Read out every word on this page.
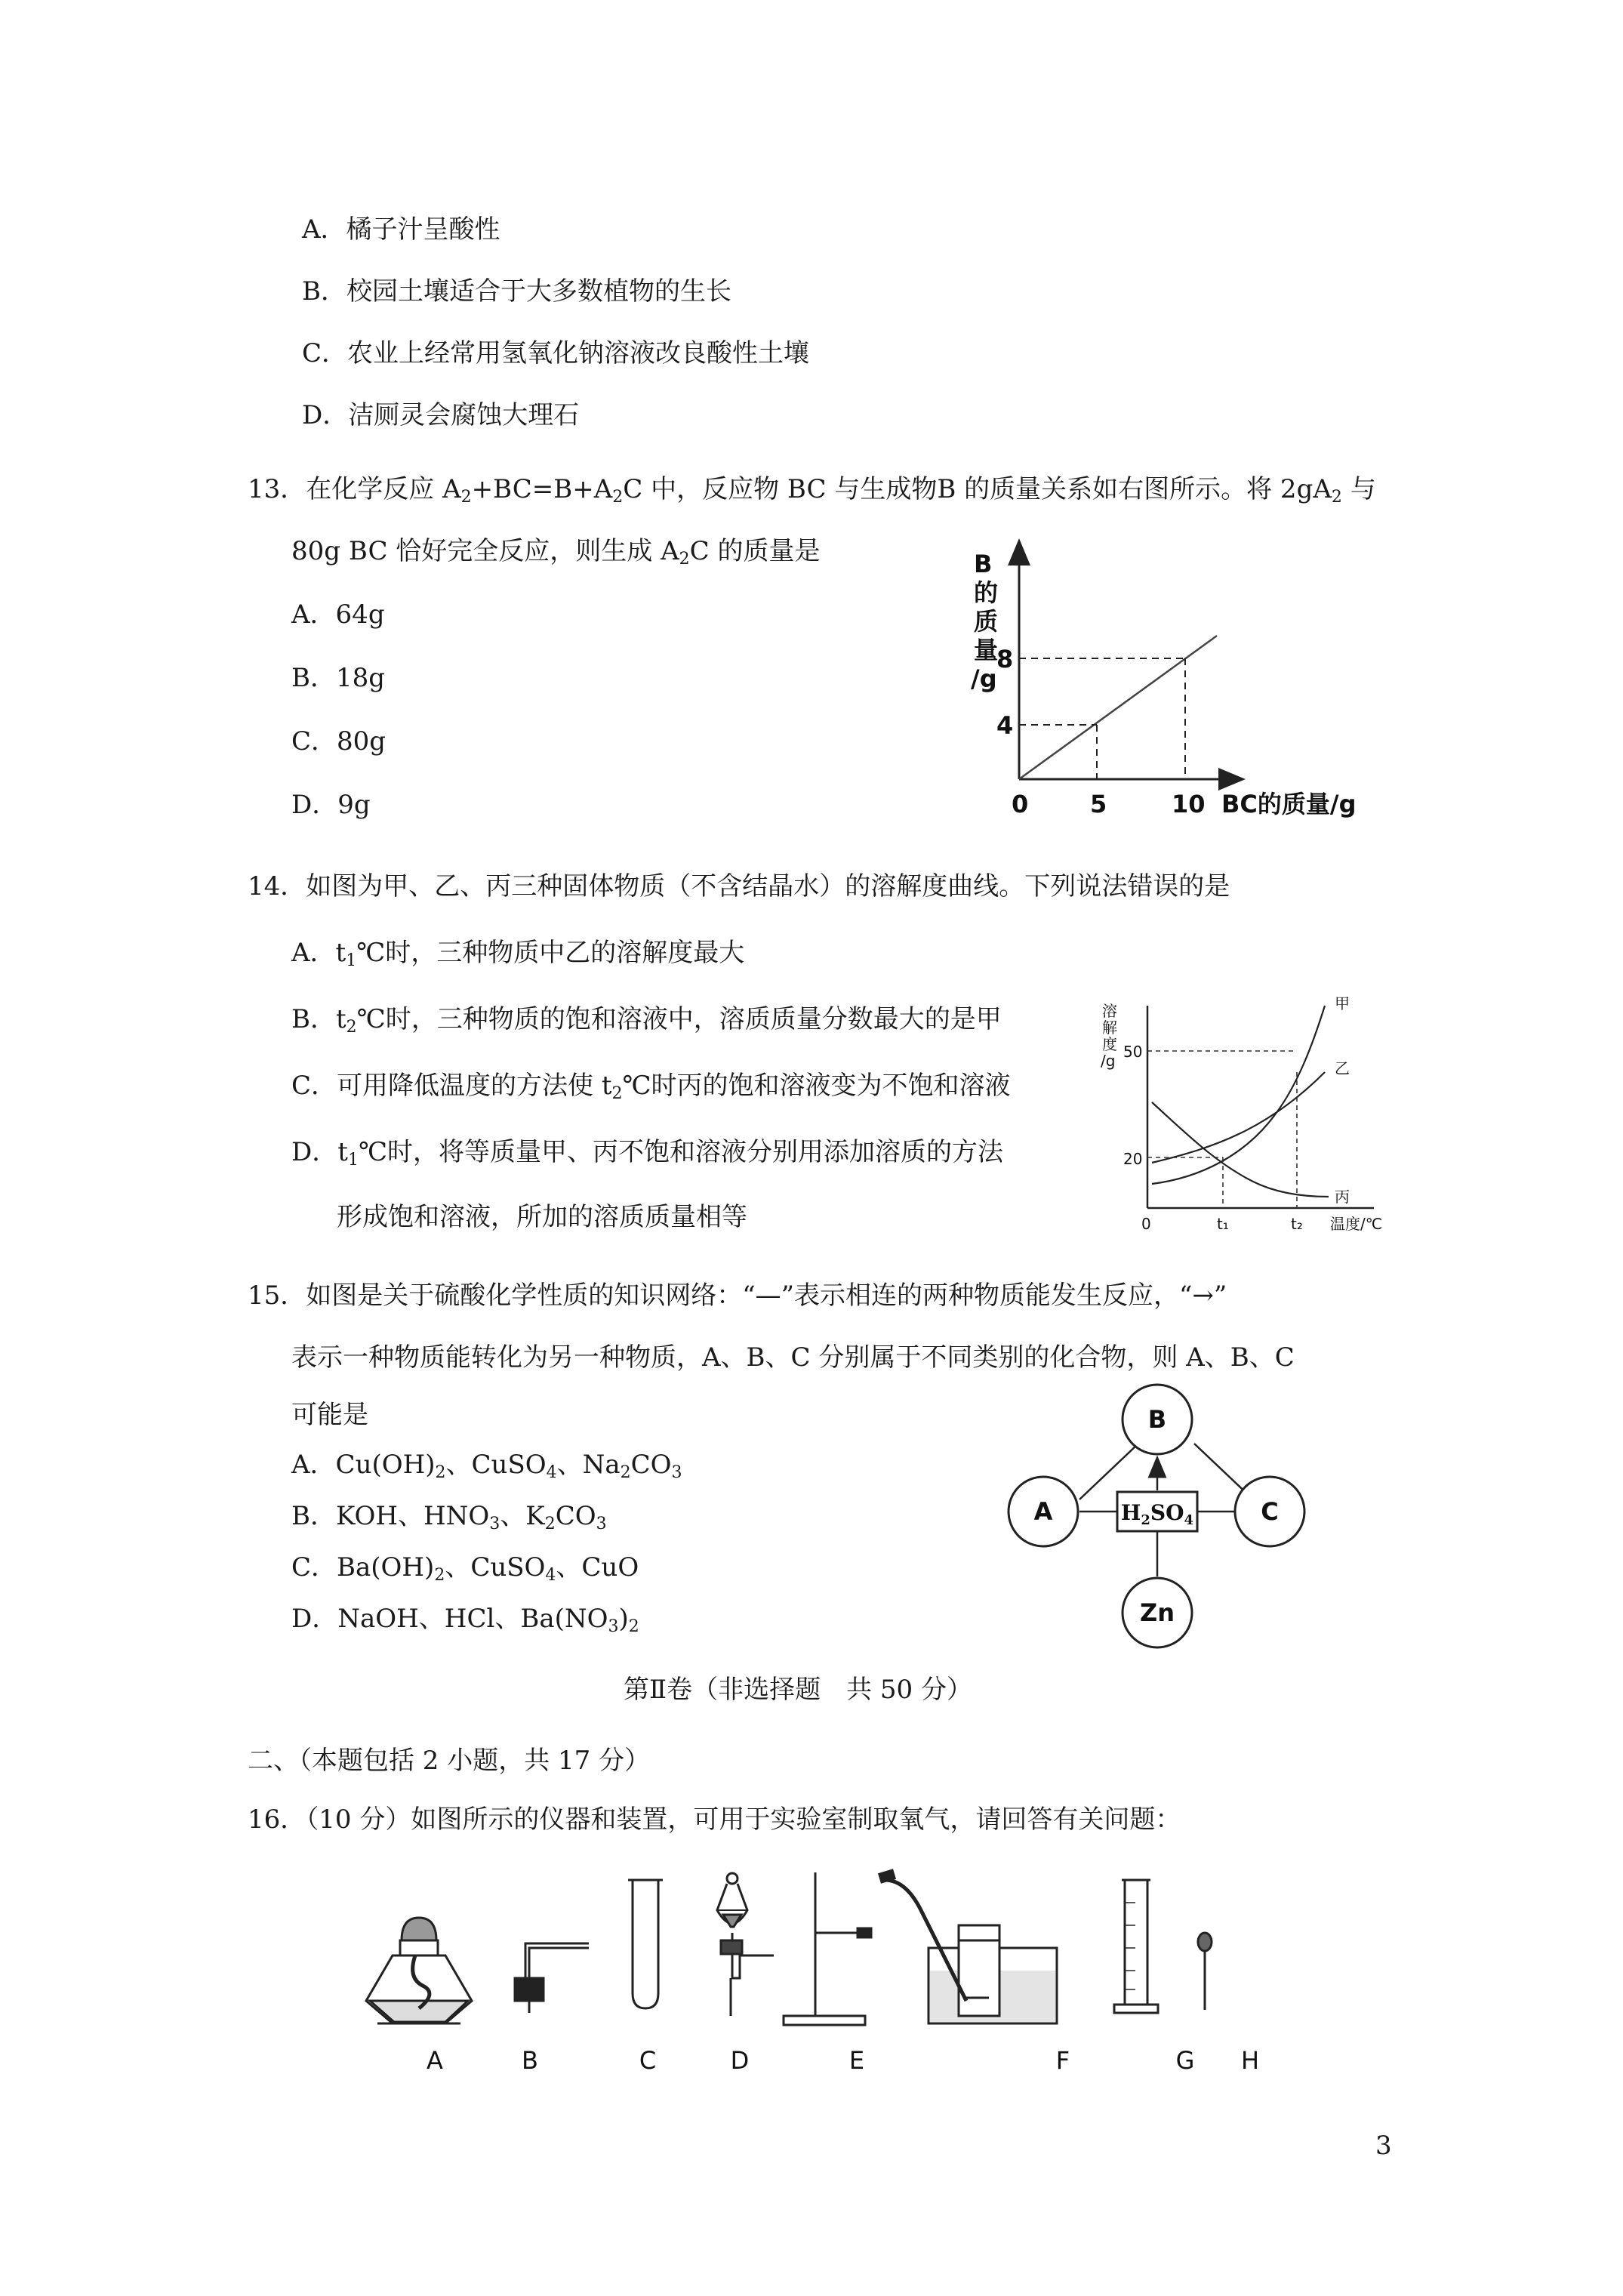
A．橘子汁呈酸性
B．校园土壤适合于大多数植物的生长
C．农业上经常用氢氧化钠溶液改良酸性土壤
D．洁厕灵会腐蚀大理石
13．在化学反应 $A_2+BC=B+A_2C$ 中，反应物 BC 与生成物B 的质量关系如右图所示。将 $2gA_2$ 与
80g BC 恰好完全反应，则生成 $A_2C$ 的质量是
A．64g
B．18g
C．80g
D．9g
B
的
质
量
/g
8
4
0	5	10 BC的质量/g
14．如图为甲、乙、丙三种固体物质（不含结晶水）的溶解度曲线。下列说法错误的是
A．$t_1℃$时，三种物质中乙的溶解度最大
B．$t_2℃$时，三种物质的饱和溶液中，溶质质量分数最大的是甲
C．可用降低温度的方法使 $t_2℃$时丙的饱和溶液变为不饱和溶液
D．$t_1℃$时，将等质量甲、丙不饱和溶液分别用添加溶质的方法
形成饱和溶液，所加的溶质质量相等
溶
解
度
/g 50
20
0	t₁	t₂ 温度/℃
甲
乙
丙
15．如图是关于硫酸化学性质的知识网络：“—”表示相连的两种物质能发生反应，“→”
表示一种物质能转化为另一种物质，A、B、C 分别属于不同类别的化合物，则 A、B、C
可能是
A．$Cu(OH)_2$、CuSO$_4$、$Na_2CO_3$
B．KOH、$HNO_3$、$K_2CO_3$
C．$Ba(OH)_2$、CuSO$_4$、CuO
D．NaOH、HCl、$Ba(NO_3)_2$
B
A	C
Zn
$H_2SO_4$
第Ⅱ卷（非选择题　共 50 分）
二、（本题包括 2 小题，共 17 分）
16．（10 分）如图所示的仪器和装置，可用于实验室制取氧气，请回答有关问题：
A	B	C	D	E	F	G H
3
